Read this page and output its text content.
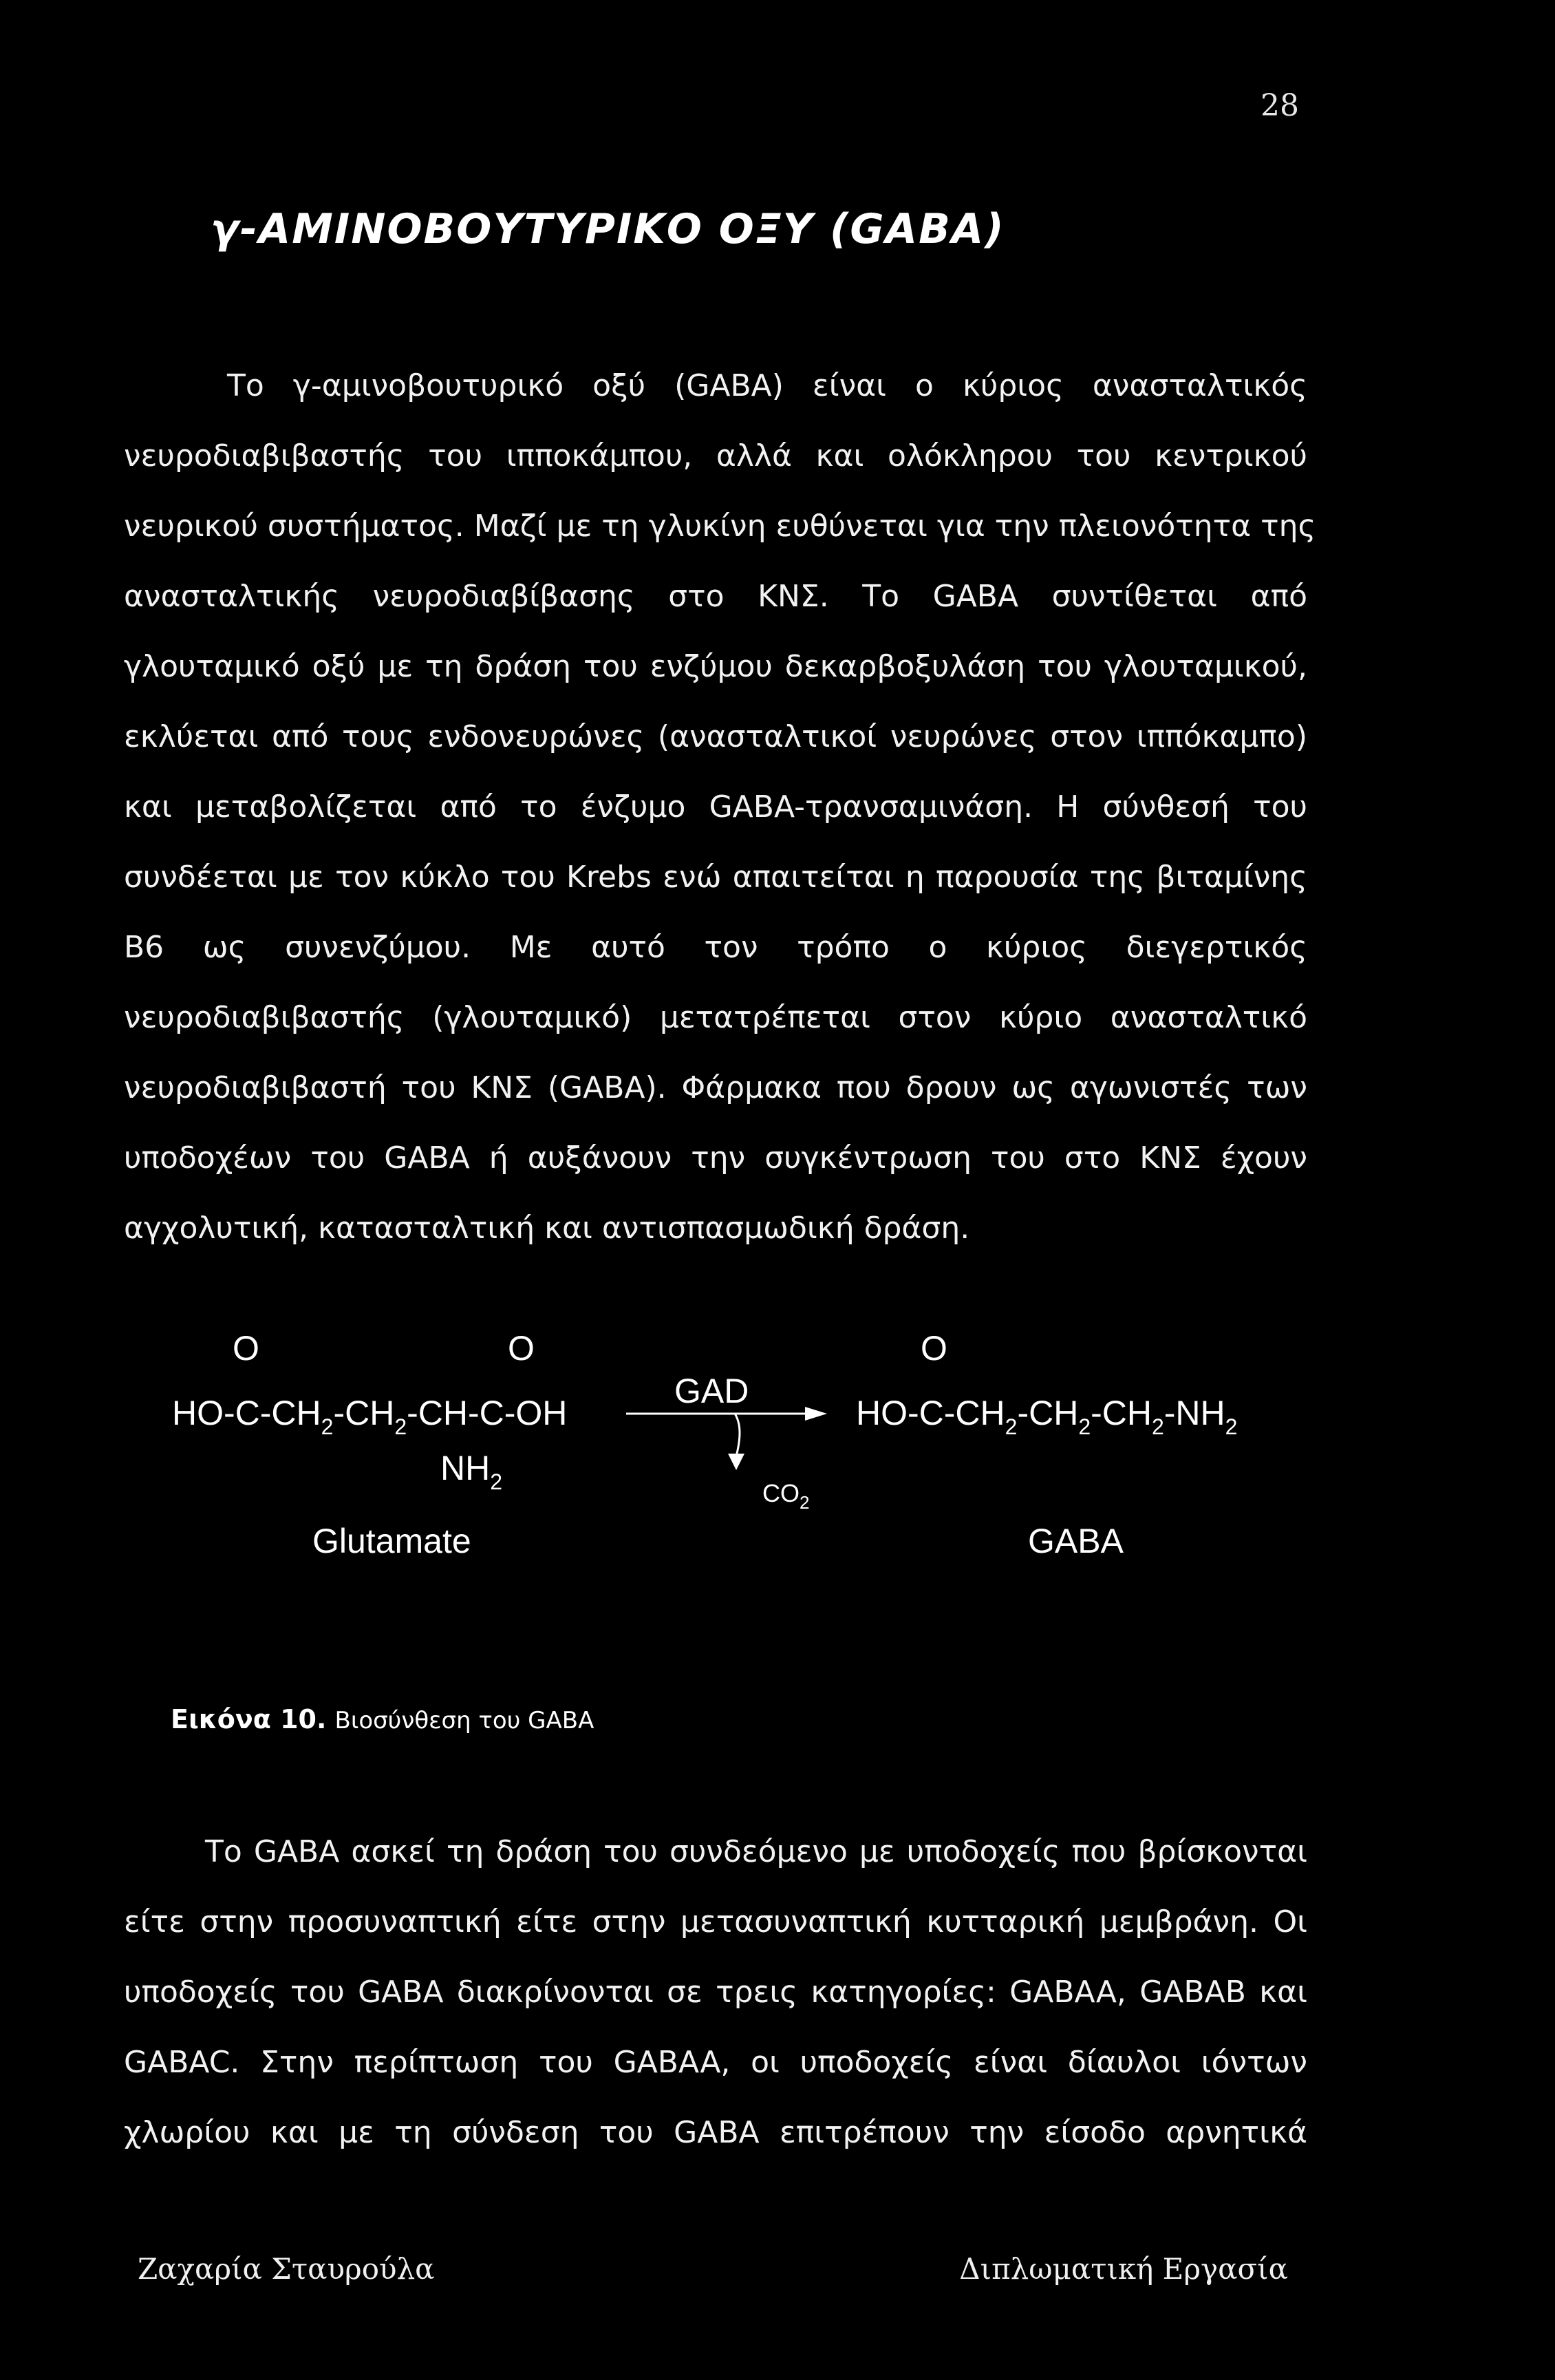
28
γ-ΑΜΙΝΟΒΟΥΤΥΡΙΚΟ ΟΞΥ (GABA)
Το γ-αμινοβουτυρικό οξύ (GABA) είναι ο κύριος ανασταλτικός
νευροδιαβιβαστής του ιπποκάμπου, αλλά και ολόκληρου του κεντρικού
νευρικού συστήματος. Μαζί με τη γλυκίνη ευθύνεται για την πλειονότητα της
ανασταλτικής νευροδιαβίβασης στο ΚΝΣ. Το GABA συντίθεται από
γλουταμικό οξύ με τη δράση του ενζύμου δεκαρβοξυλάση του γλουταμικού,
εκλύεται από τους ενδονευρώνες (ανασταλτικοί νευρώνες στον ιππόκαμπο)
και μεταβολίζεται από το ένζυμο GABA-τρανσαμινάση. Η σύνθεσή του
συνδέεται με τον κύκλο του Krebs ενώ απαιτείται η παρουσία της βιταμίνης
B6 ως συνενζύμου. Με αυτό τον τρόπο ο κύριος διεγερτικός
νευροδιαβιβαστής (γλουταμικό) μετατρέπεται στον κύριο ανασταλτικό
νευροδιαβιβαστή του ΚΝΣ (GABA). Φάρμακα που δρουν ως αγωνιστές των
υποδοχέων του GABA ή αυξάνουν την συγκέντρωση του στο ΚΝΣ έχουν
αγχολυτική, κατασταλτική και αντισπασμωδική δράση.
O	O
$HO-C-CH_2-CH_2-CH-C-OH$
$NH_2$
Glutamate
GAD
$CO_2$
O
$HO-C-CH_2-CH_2-CH_2-NH_2$
GABA
Εικόνα 10. Βιοσύνθεση του GABA
Το GABA ασκεί τη δράση του συνδεόμενο με υποδοχείς που βρίσκονται
είτε στην προσυναπτική είτε στην μετασυναπτική κυτταρική μεμβράνη. Οι
υποδοχείς του GABA διακρίνονται σε τρεις κατηγορίες: GABAA, GABAB και
GABAC. Στην περίπτωση του GABAA, οι υποδοχείς είναι δίαυλοι ιόντων
χλωρίου και με τη σύνδεση του GABA επιτρέπουν την είσοδο αρνητικά
Ζαχαρία Σταυρούλα	Διπλωματική Εργασία
